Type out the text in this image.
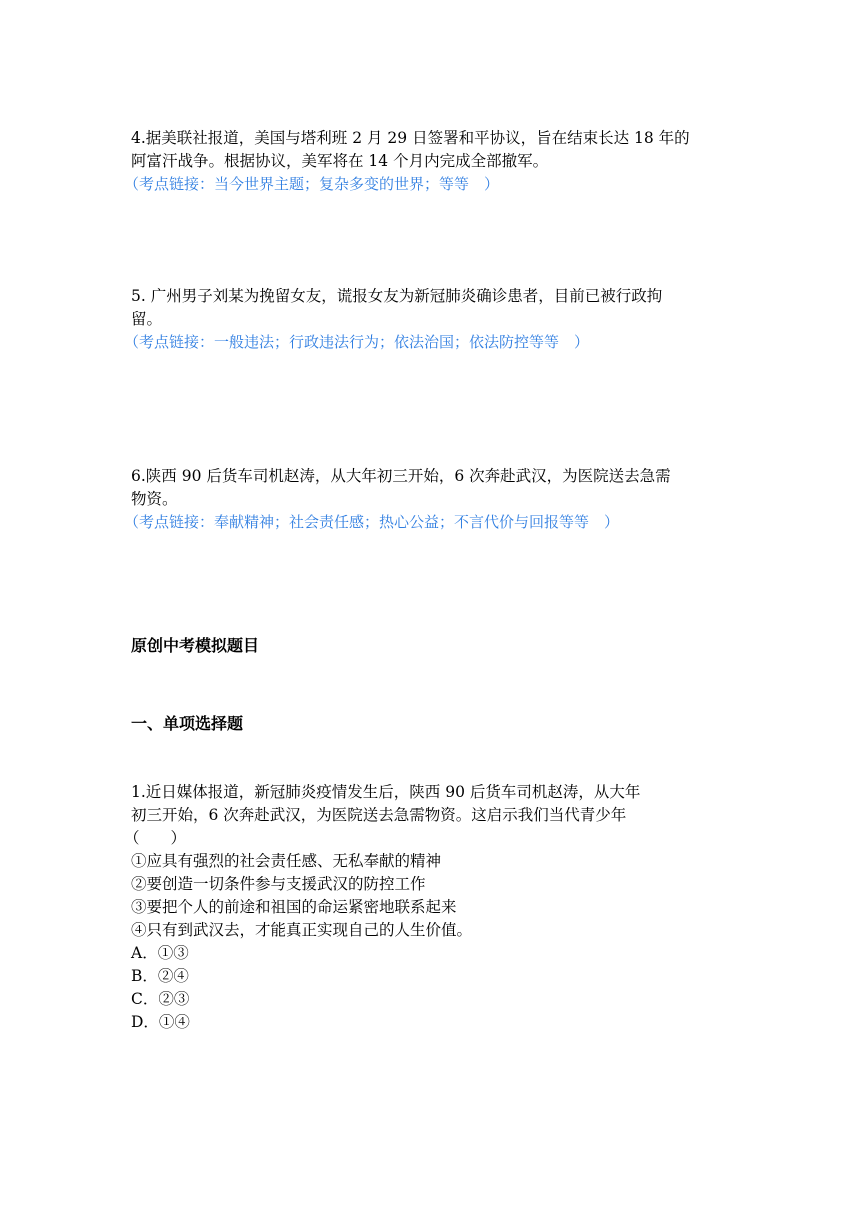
4.据美联社报道，美国与塔利班 2 月 29 日签署和平协议，旨在结束长达 18 年的
阿富汗战争。根据协议，美军将在 14 个月内完成全部撤军。
（考点链接：当今世界主题；复杂多变的世界；等等　）
5. 广州男子刘某为挽留女友，谎报女友为新冠肺炎确诊患者，目前已被行政拘
留。
（考点链接：一般违法；行政违法行为；依法治国；依法防控等等　）
6.陕西 90 后货车司机赵涛，从大年初三开始，6 次奔赴武汉，为医院送去急需
物资。
（考点链接：奉献精神；社会责任感；热心公益；不言代价与回报等等　）
原创中考模拟题目
一、单项选择题
1.近日媒体报道，新冠肺炎疫情发生后，陕西 90 后货车司机赵涛，从大年
初三开始，6 次奔赴武汉，为医院送去急需物资。这启示我们当代青少年
（　　）
①应具有强烈的社会责任感、无私奉献的精神
②要创造一切条件参与支援武汉的防控工作
③要把个人的前途和祖国的命运紧密地联系起来
④只有到武汉去，才能真正实现自己的人生价值。
A．①③
B．②④
C．②③
D．①④
